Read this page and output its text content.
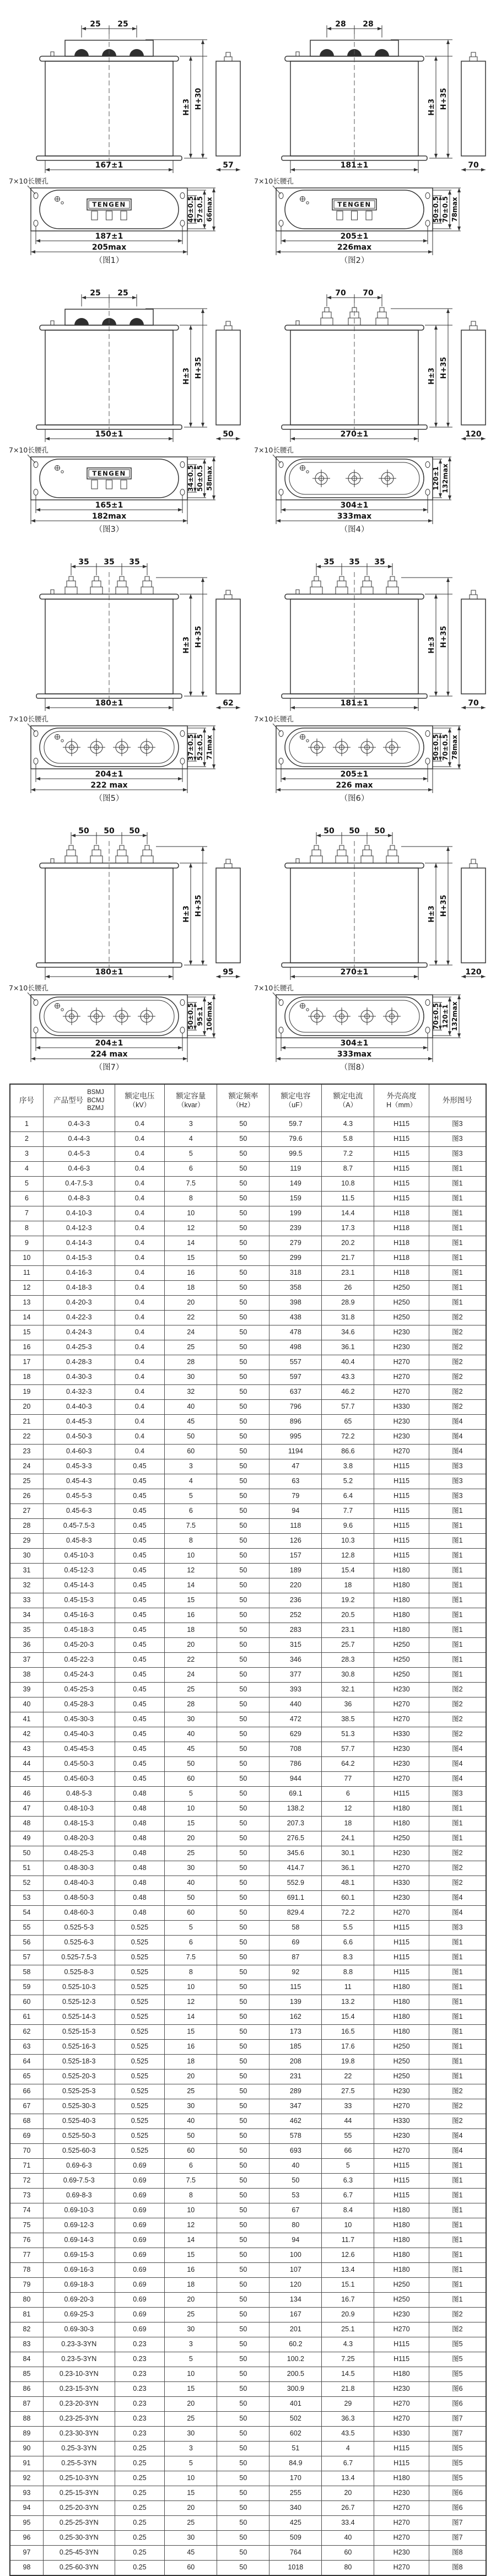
25 25
H±3 H+30
167±1	57
TENGEN
7×10长腰孔
187±1
205max
40±0.5 57±0.5 66max
（图1）
28 28
H±3 H+35
181±1	70
TENGEN
7×10长腰孔
205±1
226max
50±0.5 70±0.5 78max
（图2）
25 25
H±3 H+35
150±1	50
TENGEN
7×10长腰孔
165±1
182max
34±0.5 50±0.5 58max
（图3）
70 70
H±3 H+35
270±1	120
7×10长腰孔
304±1
333max
120±1 132max
（图4）
35 35 35
H±3 H+35
180±1	62
7×10长腰孔
204±1
222 max
37±0.5 52±0.5 71max
（图5）
35 35 35
H±3 H+35
181±1	70
7×10长腰孔
205±1
226 max
50±0.5 70±0.5 78max
（图6）
50 50 50
H±3 H+35
180±1	95
7×10长腰孔
204±1
224 max
50±0.5 95±1 106max
（图7）
50 50 50
H±3 H+35
270±1	120
7×10长腰孔
304±1
333max
70±0.5 120±1 132max
（图8）
序号	产品型号
BSMJ
BCMJ
BZMJ	额定电压
（kV）	额定容量
（kvar）	额定频率
（Hz）	额定电容
（uF）	额定电流
（A）	外壳高度
H（mm）	外形图号
1	0.4-3-3	0.4	3	50	59.7	4.3	H115	图3
2	0.4-4-3	0.4	4	50	79.6	5.8	H115	图3
3	0.4-5-3	0.4	5	50	99.5	7.2	H115	图3
4	0.4-6-3	0.4	6	50	119	8.7	H115	图1
5	0.4-7.5-3	0.4	7.5	50	149	10.8	H115	图1
6	0.4-8-3	0.4	8	50	159	11.5	H115	图1
7	0.4-10-3	0.4	10	50	199	14.4	H118	图1
8	0.4-12-3	0.4	12	50	239	17.3	H118	图1
9	0.4-14-3	0.4	14	50	279	20.2	H118	图1
10	0.4-15-3	0.4	15	50	299	21.7	H118	图1
11	0.4-16-3	0.4	16	50	318	23.1	H118	图1
12	0.4-18-3	0.4	18	50	358	26	H250	图1
13	0.4-20-3	0.4	20	50	398	28.9	H250	图1
14	0.4-22-3	0.4	22	50	438	31.8	H250	图2
15	0.4-24-3	0.4	24	50	478	34.6	H230	图2
16	0.4-25-3	0.4	25	50	498	36.1	H230	图2
17	0.4-28-3	0.4	28	50	557	40.4	H270	图2
18	0.4-30-3	0.4	30	50	597	43.3	H270	图2
19	0.4-32-3	0.4	32	50	637	46.2	H270	图2
20	0.4-40-3	0.4	40	50	796	57.7	H330	图2
21	0.4-45-3	0.4	45	50	896	65	H230	图4
22	0.4-50-3	0.4	50	50	995	72.2	H230	图4
23	0.4-60-3	0.4	60	50	1194	86.6	H270	图4
24	0.45-3-3	0.45	3	50	47	3.8	H115	图3
25	0.45-4-3	0.45	4	50	63	5.2	H115	图3
26	0.45-5-3	0.45	5	50	79	6.4	H115	图3
27	0.45-6-3	0.45	6	50	94	7.7	H115	图1
28	0.45-7.5-3	0.45	7.5	50	118	9.6	H115	图1
29	0.45-8-3	0.45	8	50	126	10.3	H115	图1
30	0.45-10-3	0.45	10	50	157	12.8	H115	图1
31	0.45-12-3	0.45	12	50	189	15.4	H180	图1
32	0.45-14-3	0.45	14	50	220	18	H180	图1
33	0.45-15-3	0.45	15	50	236	19.2	H180	图1
34	0.45-16-3	0.45	16	50	252	20.5	H180	图1
35	0.45-18-3	0.45	18	50	283	23.1	H180	图1
36	0.45-20-3	0.45	20	50	315	25.7	H250	图1
37	0.45-22-3	0.45	22	50	346	28.3	H250	图1
38	0.45-24-3	0.45	24	50	377	30.8	H250	图1
39	0.45-25-3	0.45	25	50	393	32.1	H230	图2
40	0.45-28-3	0.45	28	50	440	36	H270	图2
41	0.45-30-3	0.45	30	50	472	38.5	H270	图2
42	0.45-40-3	0.45	40	50	629	51.3	H330	图2
43	0.45-45-3	0.45	45	50	708	57.7	H230	图4
44	0.45-50-3	0.45	50	50	786	64.2	H230	图4
45	0.45-60-3	0.45	60	50	944	77	H270	图4
46	0.48-5-3	0.48	5	50	69.1	6	H115	图3
47	0.48-10-3	0.48	10	50	138.2	12	H180	图1
48	0.48-15-3	0.48	15	50	207.3	18	H180	图1
49	0.48-20-3	0.48	20	50	276.5	24.1	H250	图1
50	0.48-25-3	0.48	25	50	345.6	30.1	H230	图2
51	0.48-30-3	0.48	30	50	414.7	36.1	H270	图2
52	0.48-40-3	0.48	40	50	552.9	48.1	H330	图2
53	0.48-50-3	0.48	50	50	691.1	60.1	H230	图4
54	0.48-60-3	0.48	60	50	829.4	72.2	H270	图4
55	0.525-5-3	0.525	5	50	58	5.5	H115	图3
56	0.525-6-3	0.525	6	50	69	6.6	H115	图1
57	0.525-7.5-3	0.525	7.5	50	87	8.3	H115	图1
58	0.525-8-3	0.525	8	50	92	8.8	H115	图1
59	0.525-10-3	0.525	10	50	115	11	H180	图1
60	0.525-12-3	0.525	12	50	139	13.2	H180	图1
61	0.525-14-3	0.525	14	50	162	15.4	H180	图1
62	0.525-15-3	0.525	15	50	173	16.5	H180	图1
63	0.525-16-3	0.525	16	50	185	17.6	H250	图1
64	0.525-18-3	0.525	18	50	208	19.8	H250	图1
65	0.525-20-3	0.525	20	50	231	22	H250	图1
66	0.525-25-3	0.525	25	50	289	27.5	H230	图2
67	0.525-30-3	0.525	30	50	347	33	H270	图2
68	0.525-40-3	0.525	40	50	462	44	H330	图2
69	0.525-50-3	0.525	50	50	578	55	H230	图4
70	0.525-60-3	0.525	60	50	693	66	H270	图4
71	0.69-6-3	0.69	6	50	40	5	H115	图1
72	0.69-7.5-3	0.69	7.5	50	50	6.3	H115	图1
73	0.69-8-3	0.69	8	50	53	6.7	H115	图1
74	0.69-10-3	0.69	10	50	67	8.4	H180	图1
75	0.69-12-3	0.69	12	50	80	10	H180	图1
76	0.69-14-3	0.69	14	50	94	11.7	H180	图1
77	0.69-15-3	0.69	15	50	100	12.6	H180	图1
78	0.69-16-3	0.69	16	50	107	13.4	H180	图1
79	0.69-18-3	0.69	18	50	120	15.1	H250	图1
80	0.69-20-3	0.69	20	50	134	16.7	H250	图1
81	0.69-25-3	0.69	25	50	167	20.9	H230	图2
82	0.69-30-3	0.69	30	50	201	25.1	H270	图2
83	0.23-3-3YN	0.23	3	50	60.2	4.3	H115	图5
84	0.23-5-3YN	0.23	5	50	100.2	7.25	H115	图5
85	0.23-10-3YN	0.23	10	50	200.5	14.5	H180	图5
86	0.23-15-3YN	0.23	15	50	300.9	21.8	H230	图6
87	0.23-20-3YN	0.23	20	50	401	29	H270	图6
88	0.23-25-3YN	0.23	25	50	502	36.3	H270	图7
89	0.23-30-3YN	0.23	30	50	602	43.5	H330	图7
90	0.25-3-3YN	0.25	3	50	51	4	H115	图5
91	0.25-5-3YN	0.25	5	50	84.9	6.7	H115	图5
92	0.25-10-3YN	0.25	10	50	170	13.4	H180	图5
93	0.25-15-3YN	0.25	15	50	255	20	H230	图6
94	0.25-20-3YN	0.25	20	50	340	26.7	H270	图6
95	0.25-25-3YN	0.25	25	50	425	33.4	H270	图7
96	0.25-30-3YN	0.25	30	50	509	40	H270	图7
97	0.25-45-3YN	0.25	45	50	764	60	H230	图8
98	0.25-60-3YN	0.25	60	50	1018	80	H270	图8
